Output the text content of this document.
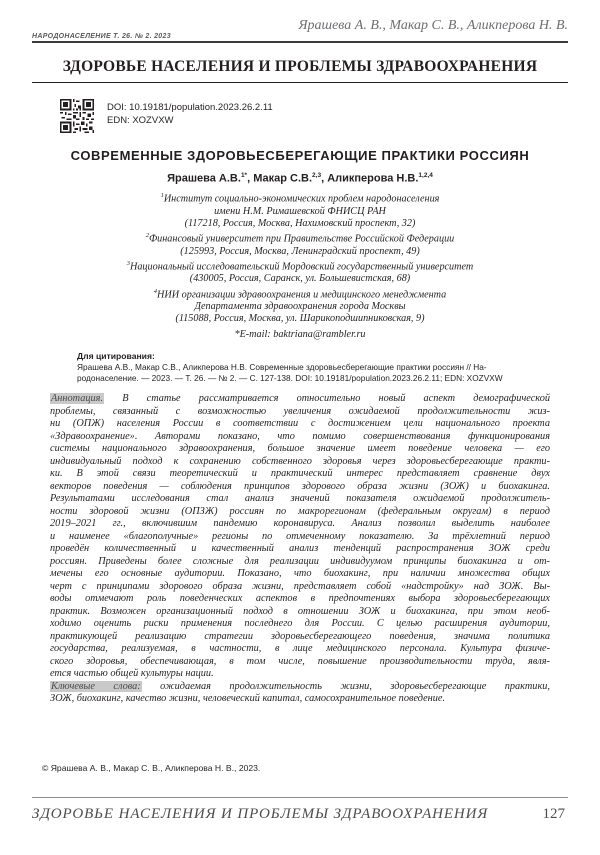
НАРОДОНАСЕЛЕНИЕ Т. 26. № 2. 2023
Ярашева А. В., Макар С. В., Аликперова Н. В.
ЗДОРОВЬЕ НАСЕЛЕНИЯ И ПРОБЛЕМЫ ЗДРАВООХРАНЕНИЯ
DOI: 10.19181/population.2023.26.2.11
EDN: XOZVXW
СОВРЕМЕННЫЕ ЗДОРОВЬЕСБЕРЕГАЮЩИЕ ПРАКТИКИ РОССИЯН
Ярашева А.В.$^{1*}$, Макар С.В.$^{2,3}$, Аликперова Н.В.$^{1,2,4}$
$^1$Институт социально-экономических проблем народонаселения
имени Н.М. Римашевской ФНИСЦ РАН
(117218, Россия, Москва, Нахимовский проспект, 32)
$^2$Финансовый университет при Правительстве Российской Федерации
(125993, Россия, Москва, Ленинградский проспект, 49)
$^3$Национальный исследовательский Мордовский государственный университет
(430005, Россия, Саранск, ул. Большевистская, 68)
$^4$НИИ организации здравоохранения и медицинского менеджмента
Департамента здравоохранения города Москвы
(115088, Россия, Москва, ул. Шарикоподшипниковская, 9)
*E-mail: baktriana@rambler.ru
Для цитирования:
Ярашева А.В., Макар С.В., Аликперова Н.В. Современные здоровьесберегающие практики россиян // На-
родонаселение. — 2023. — Т. 26. — № 2. — С. 127-138. DOI: 10.19181/population.2023.26.2.11; EDN: XOZVXW
Аннотация. В статье рассматривается относительно новый аспект демографической
проблемы, связанный с возможностью увеличения ожидаемой продолжительности жиз-
ни (ОПЖ) населения России в соответствии с достижением цели национального проекта
«Здравоохранение». Авторами показано, что помимо совершенствования функционирования
системы национального здравоохранения, большое значение имеет поведение человека — его
индивидуальный подход к сохранению собственного здоровья через здоровьесберегающие практи-
ки. В этой связи теоретический и практический интерес представляет сравнение двух
векторов поведения — соблюдения принципов здорового образа жизни (ЗОЖ) и биохакинга.
Результатами исследования стал анализ значений показателя ожидаемой продолжитель-
ности здоровой жизни (ОПЗЖ) россиян по макрорегионам (федеральным округам) в период
2019–2021 гг., включившим пандемию коронавируса. Анализ позволил выделить наиболее
и наименее «благополучные» регионы по отмеченному показателю. За трёхлетний период
проведён количественный и качественный анализ тенденций распространения ЗОЖ среди
россиян. Приведены более сложные для реализации индивидуумом принципы биохакинга и от-
мечены его основные аудитории. Показано, что биохакинг, при наличии множества общих
черт с принципами здорового образа жизни, представляет собой «надстройку» над ЗОЖ. Вы-
воды отмечают роль поведенческих аспектов в предпочтениях выбора здоровьесберегающих
практик. Возможен организационный подход в отношении ЗОЖ и биохакинга, при этом необ-
ходимо оценить риски применения последнего для России. С целью расширения аудитории,
практикующей реализацию стратегии здоровьесберегающего поведения, значима политика
государства, реализуемая, в частности, в лице медицинского персонала. Культура физиче-
ского здоровья, обеспечивающая, в том числе, повышение производительности труда, явля-
ется частью общей культуры нации.
Ключевые слова: ожидаемая продолжительность жизни, здоровьесберегающие практики,
ЗОЖ, биохакинг, качество жизни, человеческий капитал, самосохранительное поведение.
© Ярашева А. В., Макар С. В., Аликперова Н. В., 2023.
ЗДОРОВЬЕ НАСЕЛЕНИЯ И ПРОБЛЕМЫ ЗДРАВООХРАНЕНИЯ	127
